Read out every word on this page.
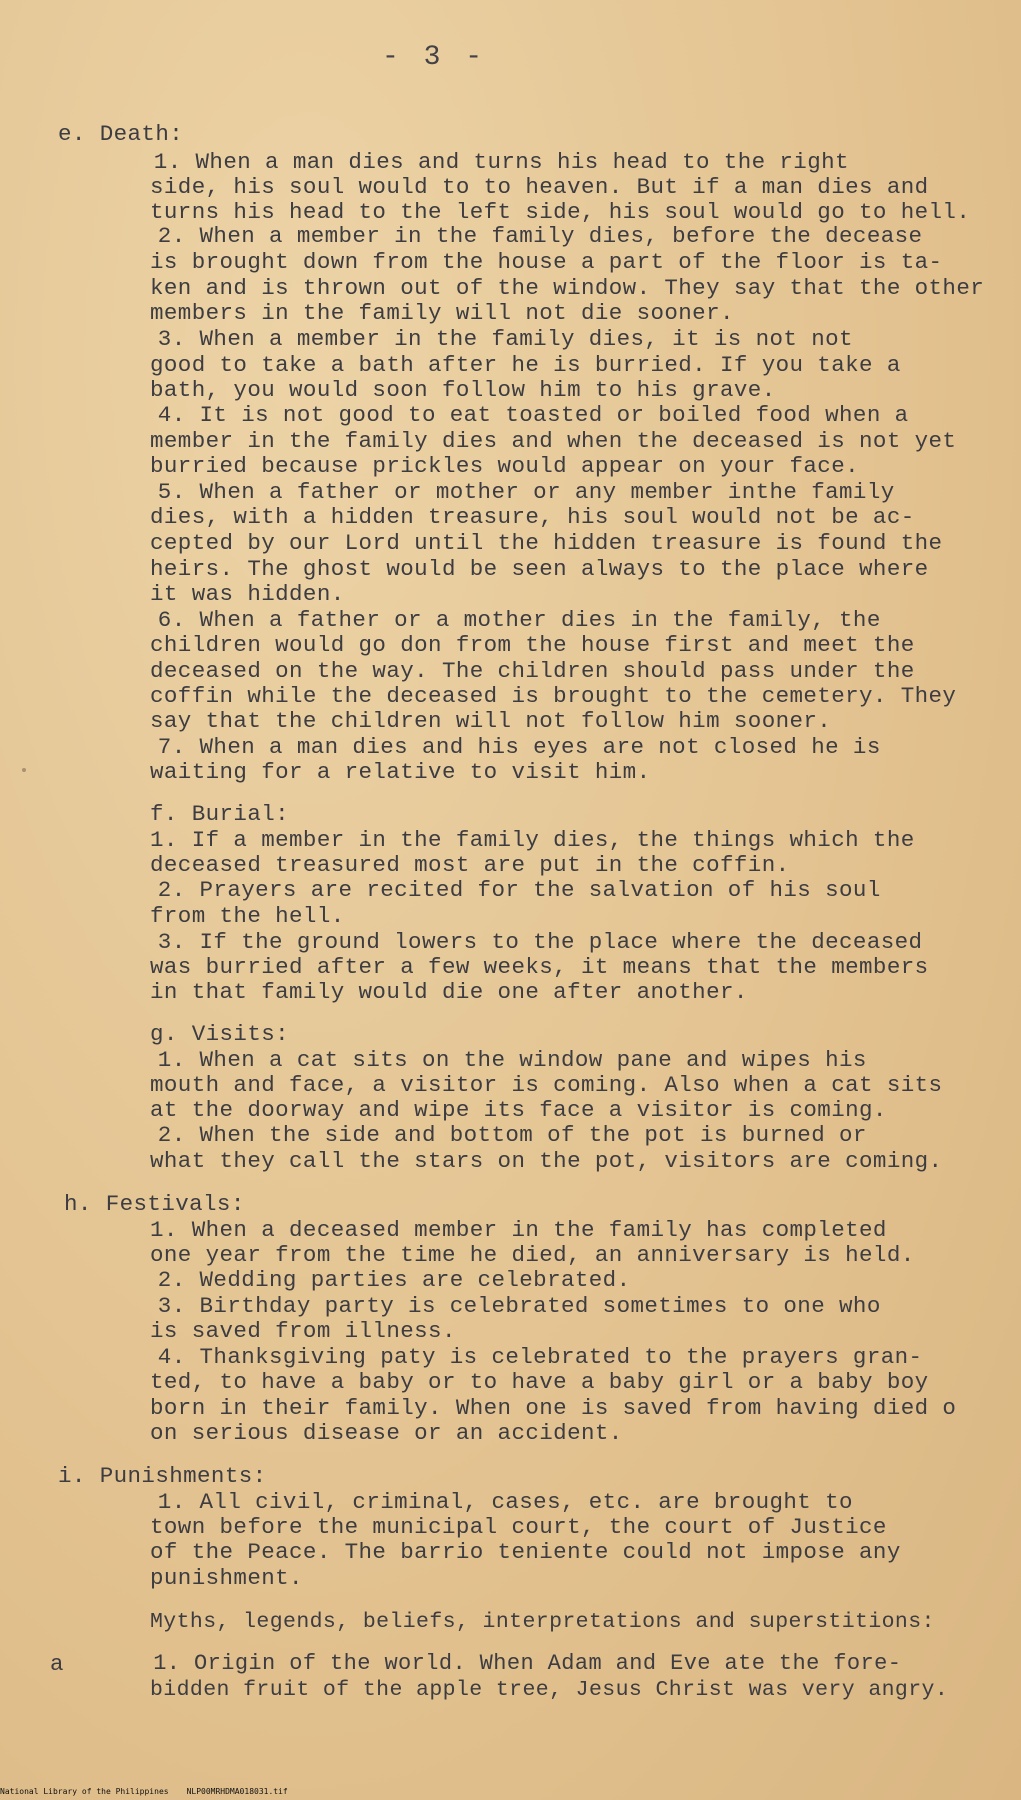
- 3 -
e. Death:
1. When a man dies and turns his head to the right
side, his soul would to to heaven. But if a man dies and
turns his head to the left side, his soul would go to hell.
2. When a member in the family dies, before the decease
is brought down from the house a part of the floor is ta-
ken and is thrown out of the window. They say that the other
members in the family will not die sooner.
3. When a member in the family dies, it is not not
good to take a bath after he is burried. If you take a
bath, you would soon follow him to his grave.
4. It is not good to eat toasted or boiled food when a
member in the family dies and when the deceased is not yet
burried because prickles would appear on your face.
5. When a father or mother or any member inthe family
dies, with a hidden treasure, his soul would not be ac-
cepted by our Lord until the hidden treasure is found the
heirs. The ghost would be seen always to the place where
it was hidden.
6. When a father or a mother dies in the family, the
children would go don from the house first and meet the
deceased on the way. The children should pass under the
coffin while the deceased is brought to the cemetery. They
say that the children will not follow him sooner.
7. When a man dies and his eyes are not closed he is
waiting for a relative to visit him.
f. Burial:
1. If a member in the family dies, the things which the
deceased treasured most are put in the coffin.
2. Prayers are recited for the salvation of his soul
from the hell.
3. If the ground lowers to the place where the deceased
was burried after a few weeks, it means that the members
in that family would die one after another.
g. Visits:
1. When a cat sits on the window pane and wipes his
mouth and face, a visitor is coming. Also when a cat sits
at the doorway and wipe its face a visitor is coming.
2. When the side and bottom of the pot is burned or
what they call the stars on the pot, visitors are coming.
h. Festivals:
1. When a deceased member in the family has completed
one year from the time he died, an anniversary is held.
2. Wedding parties are celebrated.
3. Birthday party is celebrated sometimes to one who
is saved from illness.
4. Thanksgiving paty is celebrated to the prayers gran-
ted, to have a baby or to have a baby girl or a baby boy
born in their family. When one is saved from having died o
on serious disease or an accident.
i. Punishments:
1. All civil, criminal, cases, etc. are brought to
town before the municipal court, the court of Justice
of the Peace. The barrio teniente could not impose any
punishment.
Myths, legends, beliefs, interpretations and superstitions:
a	1. Origin of the world. When Adam and Eve ate the fore-
bidden fruit of the apple tree, Jesus Christ was very angry.
National Library of the Philippines NLP00MRHDMA018031.tif
